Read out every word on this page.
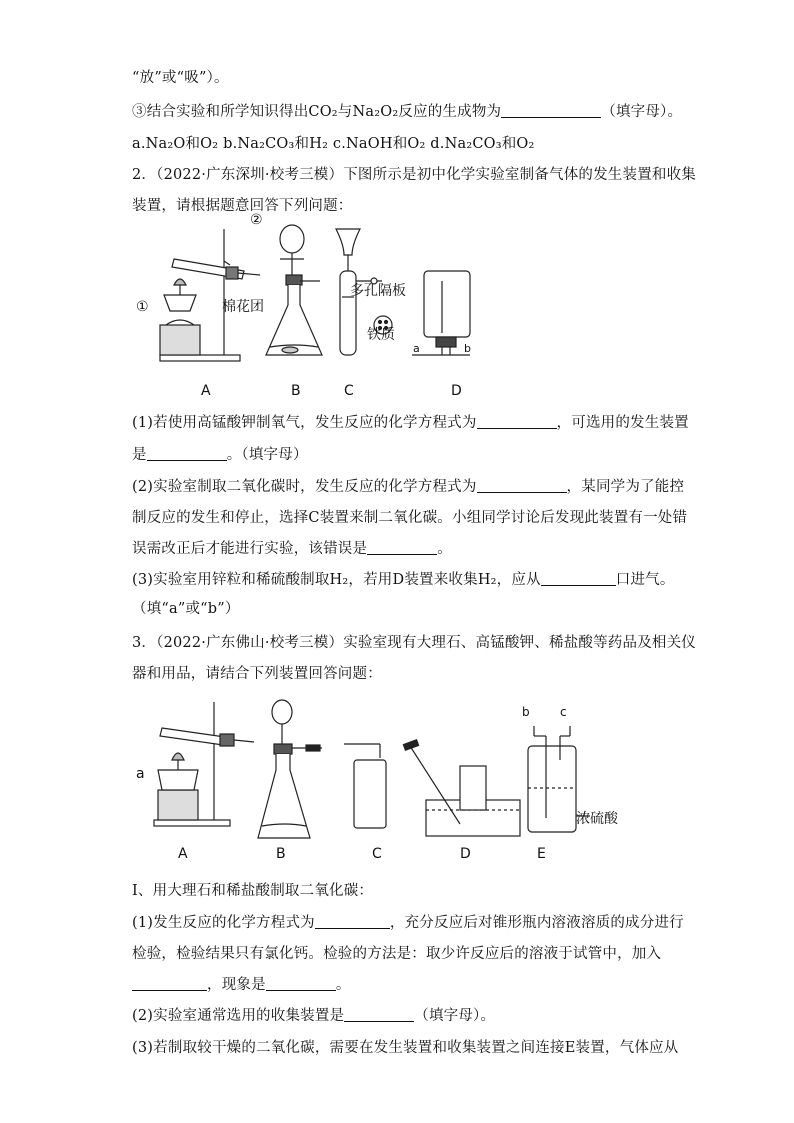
“放”或“吸”）。
③结合实验和所学知识得出CO₂与Na₂O₂反应的生成物为	（填字母）。
a.Na₂O和O₂ b.Na₂CO₃和H₂ c.NaOH和O₂ d.Na₂CO₃和O₂
2．（2022·广东深圳·校考三模）下图所示是初中化学实验室制备气体的发生装置和收集
装置，请根据题意回答下列问题：
①
②
棉花团
多孔隔板
铁质
a	b
A	B	C	D
(1)若使用高锰酸钾制氧气，发生反应的化学方程式为	，可选用的发生装置
是	。（填字母）
(2)实验室制取二氧化碳时，发生反应的化学方程式为	，某同学为了能控
制反应的发生和停止，选择C装置来制二氧化碳。小组同学讨论后发现此装置有一处错
误需改正后才能进行实验，该错误是	。
(3)实验室用锌粒和稀硫酸制取H₂，若用D装置来收集H₂，应从	口进气。
（填“a”或“b”）
3．（2022·广东佛山·校考三模）实验室现有大理石、高锰酸钾、稀盐酸等药品及相关仪
器和用品，请结合下列装置回答问题：
a
b	c
浓硫酸
A	B	C	D	E
Ⅰ、用大理石和稀盐酸制取二氧化碳：
(1)发生反应的化学方程式为	，充分反应后对锥形瓶内溶液溶质的成分进行
检验，检验结果只有氯化钙。检验的方法是：取少许反应后的溶液于试管中，加入
，现象是	。
(2)实验室通常选用的收集装置是	（填字母）。
(3)若制取较干燥的二氧化碳，需要在发生装置和收集装置之间连接E装置，气体应从
